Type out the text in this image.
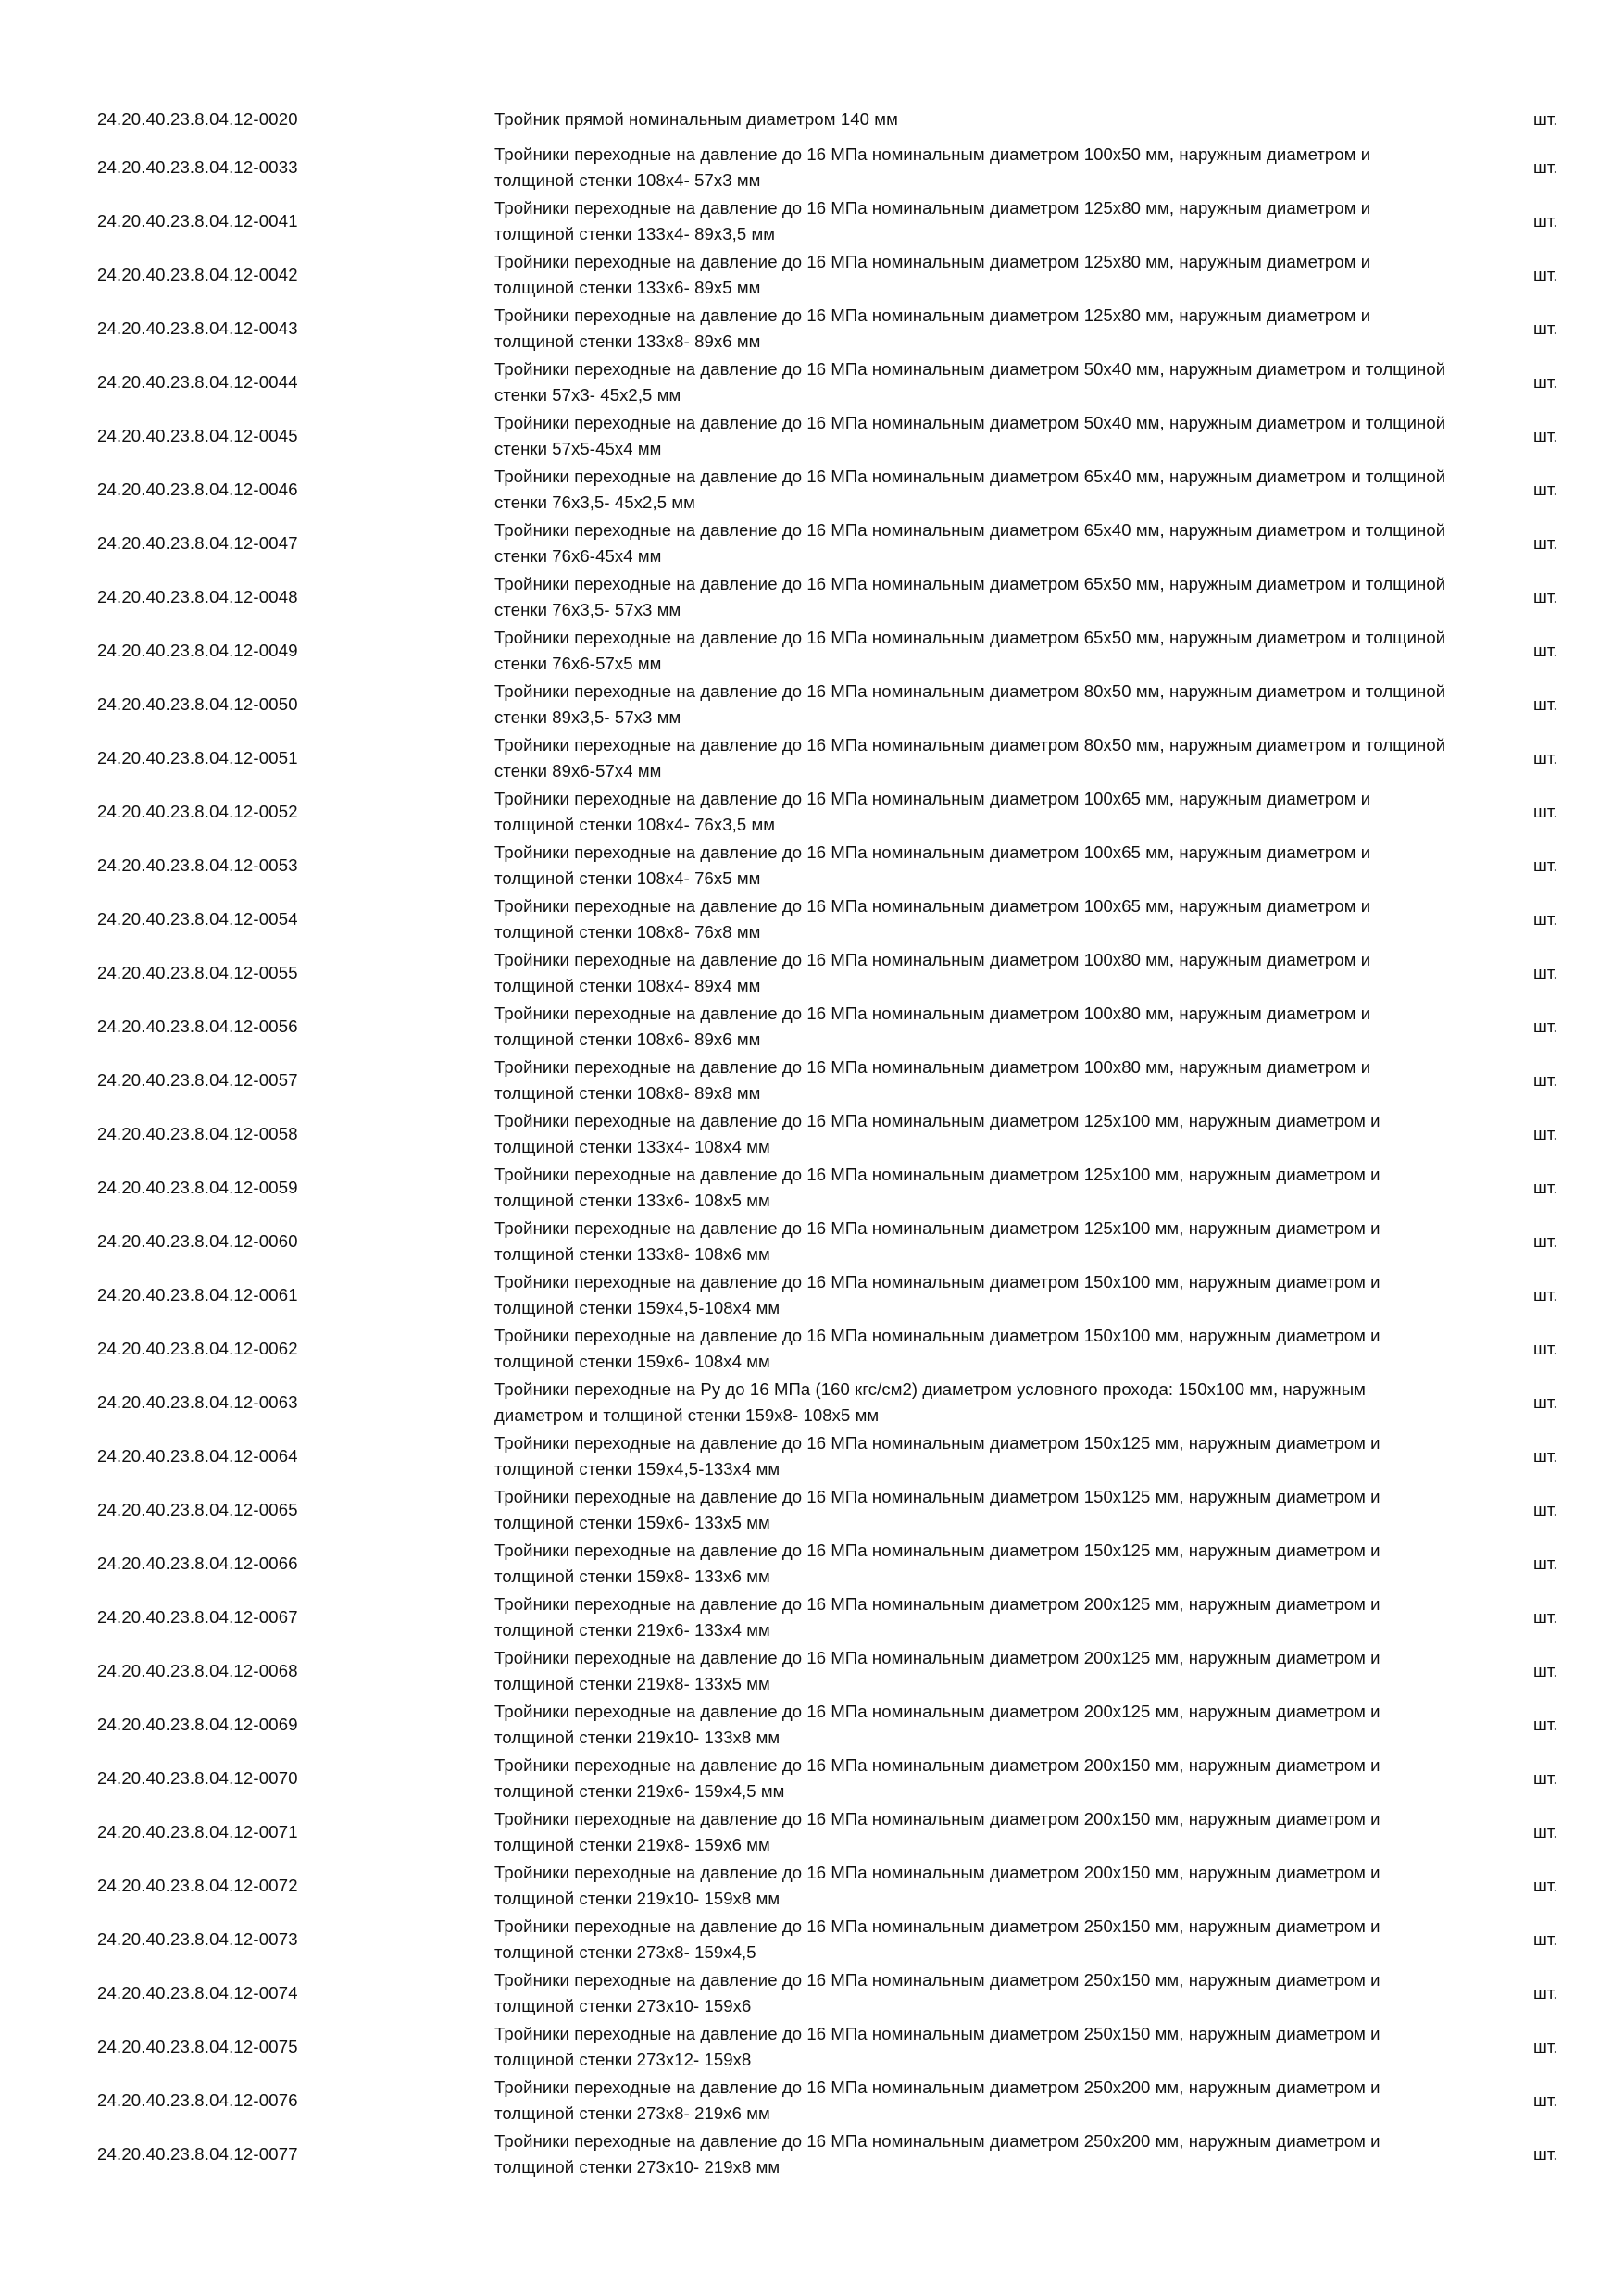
24.20.40.23.8.04.12-0020	Тройник прямой номинальным диаметром 140 мм	шт.
24.20.40.23.8.04.12-0033
Тройники переходные на давление до 16 МПа номинальным диаметром 100х50 мм, наружным диаметром и толщиной стенки 108х4- 57х3 мм
шт.
24.20.40.23.8.04.12-0041
Тройники переходные на давление до 16 МПа номинальным диаметром 125х80 мм, наружным диаметром и толщиной стенки 133х4- 89х3,5 мм
шт.
24.20.40.23.8.04.12-0042
Тройники переходные на давление до 16 МПа номинальным диаметром 125х80 мм, наружным диаметром и толщиной стенки 133х6- 89х5 мм
шт.
24.20.40.23.8.04.12-0043
Тройники переходные на давление до 16 МПа номинальным диаметром 125х80 мм, наружным диаметром и толщиной стенки 133х8- 89х6 мм
шт.
24.20.40.23.8.04.12-0044
Тройники переходные на давление до 16 МПа номинальным диаметром 50х40 мм, наружным диаметром и толщиной стенки 57х3- 45х2,5 мм
шт.
24.20.40.23.8.04.12-0045
Тройники переходные на давление до 16 МПа номинальным диаметром 50х40 мм, наружным диаметром и толщиной стенки 57х5-45х4 мм
шт.
24.20.40.23.8.04.12-0046
Тройники переходные на давление до 16 МПа номинальным диаметром 65х40 мм, наружным диаметром и толщиной стенки 76х3,5- 45х2,5 мм
шт.
24.20.40.23.8.04.12-0047
Тройники переходные на давление до 16 МПа номинальным диаметром 65х40 мм, наружным диаметром и толщиной стенки 76х6-45х4 мм
шт.
24.20.40.23.8.04.12-0048
Тройники переходные на давление до 16 МПа номинальным диаметром 65х50 мм, наружным диаметром и толщиной стенки 76х3,5- 57х3 мм
шт.
24.20.40.23.8.04.12-0049
Тройники переходные на давление до 16 МПа номинальным диаметром 65х50 мм, наружным диаметром и толщиной стенки 76х6-57х5 мм
шт.
24.20.40.23.8.04.12-0050
Тройники переходные на давление до 16 МПа номинальным диаметром 80х50 мм, наружным диаметром и толщиной стенки 89х3,5- 57х3 мм
шт.
24.20.40.23.8.04.12-0051
Тройники переходные на давление до 16 МПа номинальным диаметром 80х50 мм, наружным диаметром и толщиной стенки 89х6-57х4 мм
шт.
24.20.40.23.8.04.12-0052
Тройники переходные на давление до 16 МПа номинальным диаметром 100х65 мм, наружным диаметром и толщиной стенки 108х4- 76х3,5 мм
шт.
24.20.40.23.8.04.12-0053
Тройники переходные на давление до 16 МПа номинальным диаметром 100х65 мм, наружным диаметром и толщиной стенки 108х4- 76х5 мм
шт.
24.20.40.23.8.04.12-0054
Тройники переходные на давление до 16 МПа номинальным диаметром 100х65 мм, наружным диаметром и толщиной стенки 108х8- 76х8 мм
шт.
24.20.40.23.8.04.12-0055
Тройники переходные на давление до 16 МПа номинальным диаметром 100х80 мм, наружным диаметром и толщиной стенки 108х4- 89х4 мм
шт.
24.20.40.23.8.04.12-0056
Тройники переходные на давление до 16 МПа номинальным диаметром 100х80 мм, наружным диаметром и толщиной стенки 108х6- 89х6 мм
шт.
24.20.40.23.8.04.12-0057
Тройники переходные на давление до 16 МПа номинальным диаметром 100х80 мм, наружным диаметром и толщиной стенки 108х8- 89х8 мм
шт.
24.20.40.23.8.04.12-0058
Тройники переходные на давление до 16 МПа номинальным диаметром 125х100 мм, наружным диаметром и толщиной стенки 133х4- 108х4 мм
шт.
24.20.40.23.8.04.12-0059
Тройники переходные на давление до 16 МПа номинальным диаметром 125х100 мм, наружным диаметром и толщиной стенки 133х6- 108х5 мм
шт.
24.20.40.23.8.04.12-0060
Тройники переходные на давление до 16 МПа номинальным диаметром 125х100 мм, наружным диаметром и толщиной стенки 133х8- 108х6 мм
шт.
24.20.40.23.8.04.12-0061
Тройники переходные на давление до 16 МПа номинальным диаметром 150х100 мм, наружным диаметром и толщиной стенки 159х4,5-108х4 мм
шт.
24.20.40.23.8.04.12-0062
Тройники переходные на давление до 16 МПа номинальным диаметром 150х100 мм, наружным диаметром и толщиной стенки 159х6- 108х4 мм
шт.
24.20.40.23.8.04.12-0063
Тройники переходные на Ру до 16 МПа (160 кгс/см2) диаметром условного прохода: 150х100 мм, наружным диаметром и толщиной стенки 159х8- 108х5 мм
шт.
24.20.40.23.8.04.12-0064
Тройники переходные на давление до 16 МПа номинальным диаметром 150х125 мм, наружным диаметром и толщиной стенки 159х4,5-133х4 мм
шт.
24.20.40.23.8.04.12-0065
Тройники переходные на давление до 16 МПа номинальным диаметром 150х125 мм, наружным диаметром и толщиной стенки 159х6- 133х5 мм
шт.
24.20.40.23.8.04.12-0066
Тройники переходные на давление до 16 МПа номинальным диаметром 150х125 мм, наружным диаметром и толщиной стенки 159х8- 133х6 мм
шт.
24.20.40.23.8.04.12-0067
Тройники переходные на давление до 16 МПа номинальным диаметром 200х125 мм, наружным диаметром и толщиной стенки 219х6- 133х4 мм
шт.
24.20.40.23.8.04.12-0068
Тройники переходные на давление до 16 МПа номинальным диаметром 200х125 мм, наружным диаметром и толщиной стенки 219х8- 133х5 мм
шт.
24.20.40.23.8.04.12-0069
Тройники переходные на давление до 16 МПа номинальным диаметром 200х125 мм, наружным диаметром и толщиной стенки 219х10- 133х8 мм
шт.
24.20.40.23.8.04.12-0070
Тройники переходные на давление до 16 МПа номинальным диаметром 200х150 мм, наружным диаметром и толщиной стенки 219х6- 159х4,5 мм
шт.
24.20.40.23.8.04.12-0071
Тройники переходные на давление до 16 МПа номинальным диаметром 200х150 мм, наружным диаметром и толщиной стенки 219х8- 159х6 мм
шт.
24.20.40.23.8.04.12-0072
Тройники переходные на давление до 16 МПа номинальным диаметром 200х150 мм, наружным диаметром и толщиной стенки 219х10- 159х8 мм
шт.
24.20.40.23.8.04.12-0073
Тройники переходные на давление до 16 МПа номинальным диаметром 250х150 мм, наружным диаметром и толщиной стенки 273х8- 159х4,5
шт.
24.20.40.23.8.04.12-0074
Тройники переходные на давление до 16 МПа номинальным диаметром 250х150 мм, наружным диаметром и толщиной стенки 273х10- 159х6
шт.
24.20.40.23.8.04.12-0075
Тройники переходные на давление до 16 МПа номинальным диаметром 250х150 мм, наружным диаметром и толщиной стенки 273х12- 159х8
шт.
24.20.40.23.8.04.12-0076
Тройники переходные на давление до 16 МПа номинальным диаметром 250х200 мм, наружным диаметром и толщиной стенки 273х8- 219х6 мм
шт.
24.20.40.23.8.04.12-0077
Тройники переходные на давление до 16 МПа номинальным диаметром 250х200 мм, наружным диаметром и толщиной стенки 273х10- 219х8 мм
шт.
